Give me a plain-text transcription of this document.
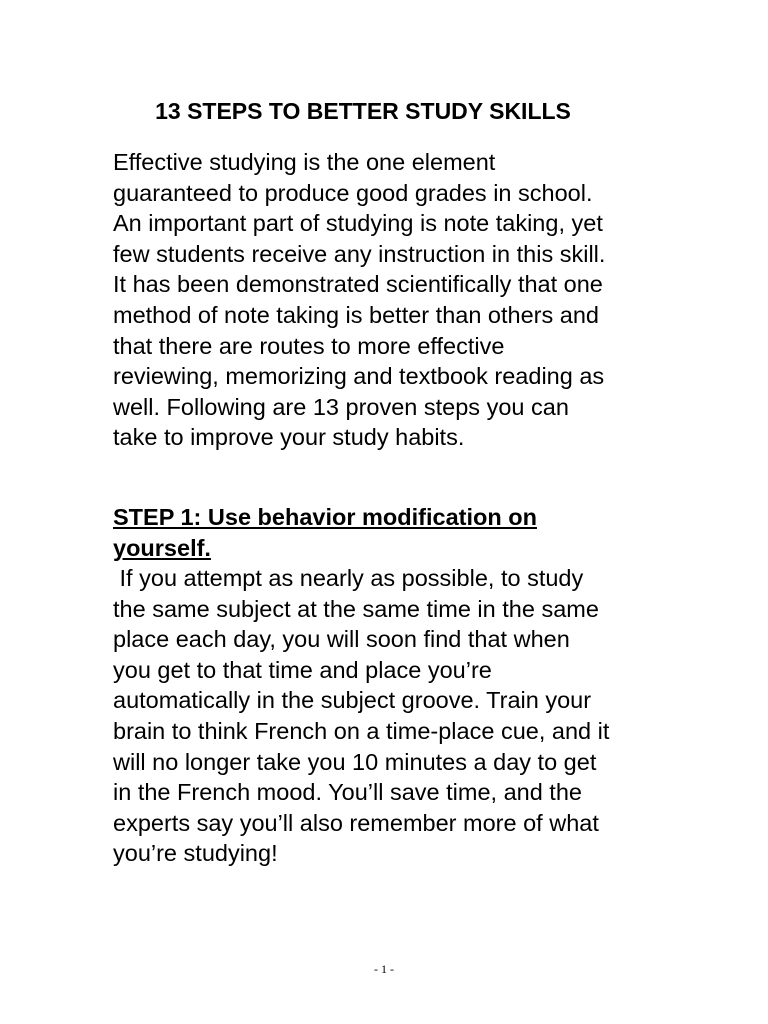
13 STEPS TO BETTER STUDY SKILLS

Effective studying is the one element guaranteed to produce good grades in school. An important part of studying is note taking, yet few students receive any instruction in this skill. It has been demonstrated scientifically that one method of note taking is better than others and that there are routes to more effective reviewing, memorizing and textbook reading as well. Following are 13 proven steps you can take to improve your study habits.

STEP 1: Use behavior modification on yourself.

If you attempt as nearly as possible, to study the same subject at the same time in the same place each day, you will soon find that when you get to that time and place you’re automatically in the subject groove. Train your brain to think French on a time-place cue, and it will no longer take you 10 minutes a day to get in the French mood. You’ll save time, and the experts say you’ll also remember more of what you’re studying!

- 1 -
